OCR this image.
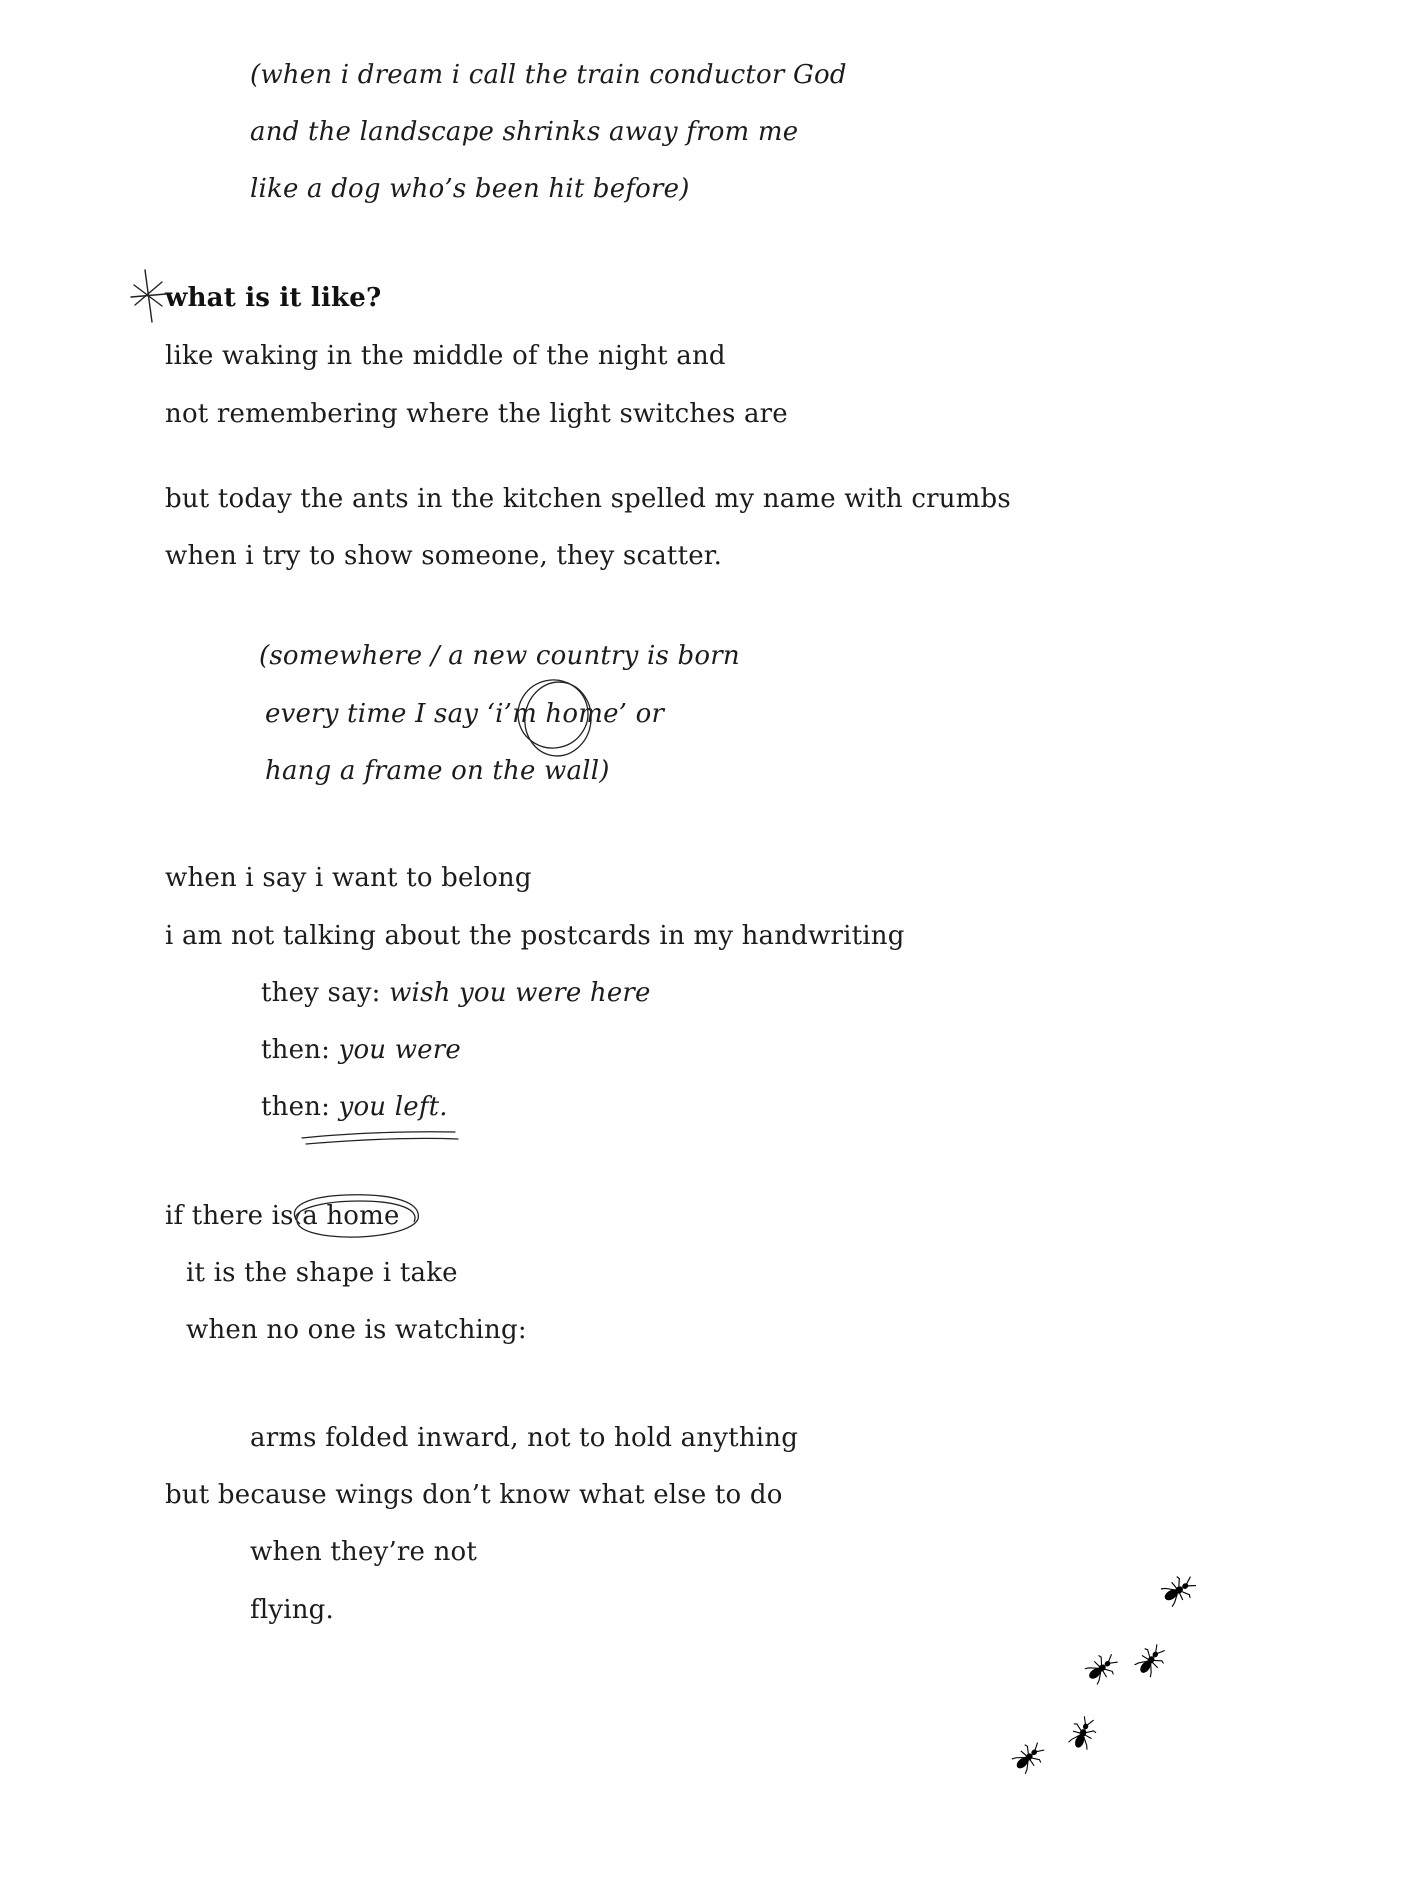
(when i dream i call the train conductor God
and the landscape shrinks away from me
like a dog who’s been hit before)
what is it like?
like waking in the middle of the night and
not remembering where the light switches are
but today the ants in the kitchen spelled my name with crumbs
when i try to show someone, they scatter.
(somewhere / a new country is born
every time I say ‘i’m home’ or
hang a frame on the wall)
when i say i want to belong
i am not talking about the postcards in my handwriting
they say: wish you were here
then: you were
then: you left.
if there is a home
it is the shape i take
when no one is watching:
arms folded inward, not to hold anything
but because wings don’t know what else to do
when they’re not
flying.
